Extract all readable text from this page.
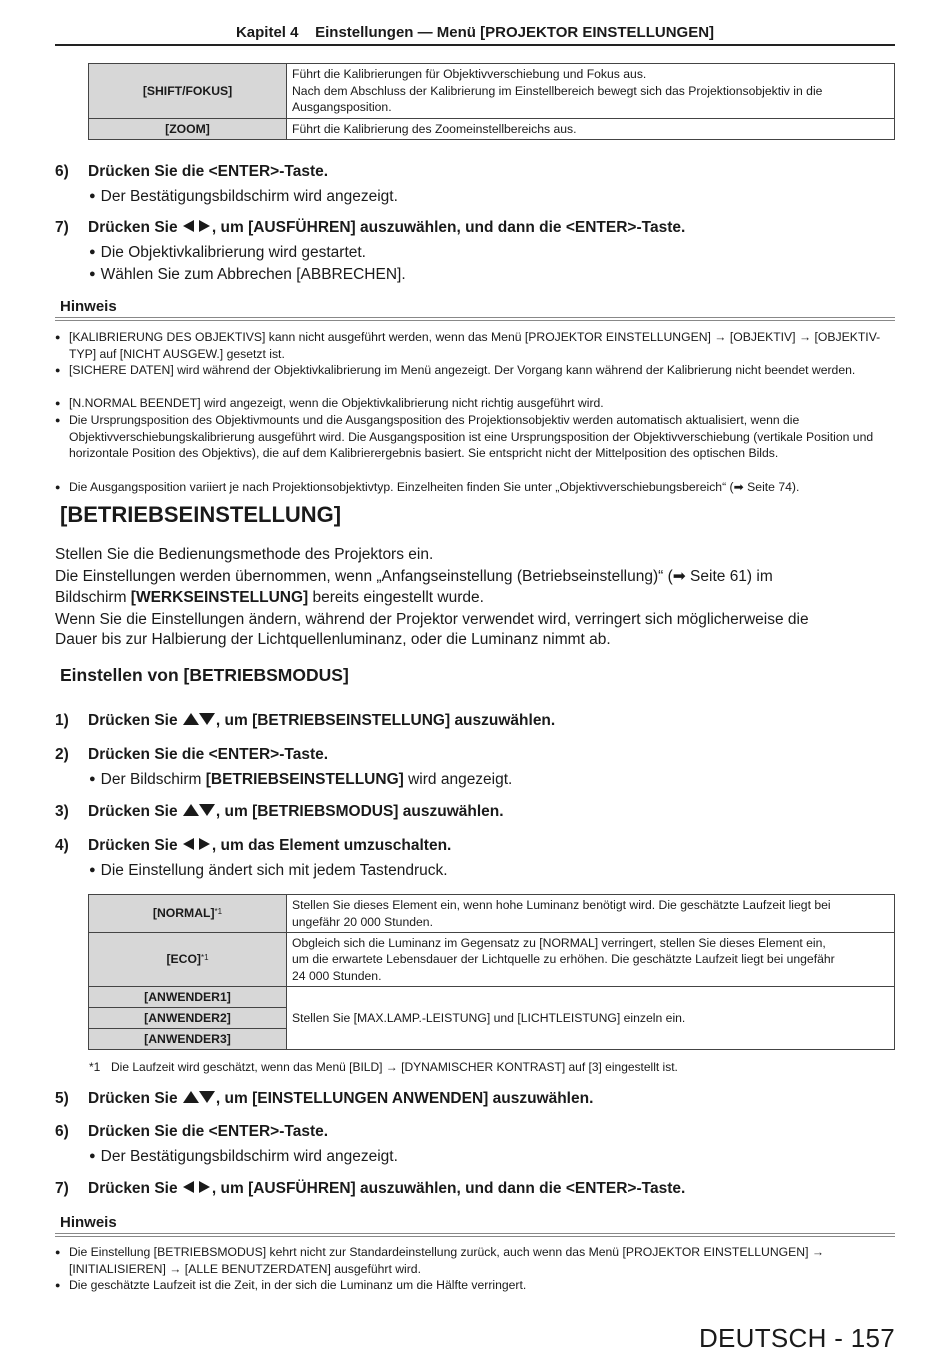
Kapitel 4    Einstellungen — Menü [PROJEKTOR EINSTELLUNGEN]
[SHIFT/FOKUS]	Führt die Kalibrierungen für Objektivverschiebung und Fokus aus.
Nach dem Abschluss der Kalibrierung im Einstellbereich bewegt sich das Projektionsobjektiv in die Ausgangsposition.

[ZOOM]	Führt die Kalibrierung des Zoomeinstellbereichs aus.
6) Drücken Sie die <ENTER>-Taste.
● Der Bestätigungsbildschirm wird angezeigt.
7) Drücken Sie , um [AUSFÜHREN] auszuwählen, und dann die <ENTER>-Taste.
● Die Objektivkalibrierung wird gestartet.
● Wählen Sie zum Abbrechen [ABBRECHEN].
Hinweis
● [KALIBRIERUNG DES OBJEKTIVS] kann nicht ausgeführt werden, wenn das Menü [PROJEKTOR EINSTELLUNGEN] → [OBJEKTIV] → [OBJEKTIV-TYP] auf [NICHT AUSGEW.] gesetzt ist.
● [SICHERE DATEN] wird während der Objektivkalibrierung im Menü angezeigt. Der Vorgang kann während der Kalibrierung nicht beendet werden.
● [N.NORMAL BEENDET] wird angezeigt, wenn die Objektivkalibrierung nicht richtig ausgeführt wird.
● Die Ursprungsposition des Objektivmounts und die Ausgangsposition des Projektionsobjektiv werden automatisch aktualisiert, wenn die Objektivverschiebungskalibrierung ausgeführt wird. Die Ausgangsposition ist eine Ursprungsposition der Objektivverschiebung (vertikale Position und horizontale Position des Objektivs), die auf dem Kalibrierergebnis basiert. Sie entspricht nicht der Mittelposition des optischen Bilds.
● Die Ausgangsposition variiert je nach Projektionsobjektivtyp. Einzelheiten finden Sie unter „Objektivverschiebungsbereich“ (➡ Seite 74).
[BETRIEBSEINSTELLUNG]
Stellen Sie die Bedienungsmethode des Projektors ein.
Die Einstellungen werden übernommen, wenn „Anfangseinstellung (Betriebseinstellung)“ (➡ Seite 61) im
Bildschirm [WERKSEINSTELLUNG] bereits eingestellt wurde.
Wenn Sie die Einstellungen ändern, während der Projektor verwendet wird, verringert sich möglicherweise die
Dauer bis zur Halbierung der Lichtquellenluminanz, oder die Luminanz nimmt ab.
Einstellen von [BETRIEBSMODUS]
1) Drücken Sie , um [BETRIEBSEINSTELLUNG] auszuwählen.
2) Drücken Sie die <ENTER>-Taste.
● Der Bildschirm [BETRIEBSEINSTELLUNG] wird angezeigt.
3) Drücken Sie , um [BETRIEBSMODUS] auszuwählen.
4) Drücken Sie , um das Element umzuschalten.
● Die Einstellung ändert sich mit jedem Tastendruck.
[NORMAL]$^{*1}$	Stellen Sie dieses Element ein, wenn hohe Luminanz benötigt wird. Die geschätzte Laufzeit liegt bei
ungefähr 20 000 Stunden.

[ECO]$^{*1}$	Obgleich sich die Luminanz im Gegensatz zu [NORMAL] verringert, stellen Sie dieses Element ein,
um die erwartete Lebensdauer der Lichtquelle zu erhöhen. Die geschätzte Laufzeit liegt bei ungefähr
24 000 Stunden.

[ANWENDER1]	Stellen Sie [MAX.LAMP.-LEISTUNG] und [LICHTLEISTUNG] einzeln ein.
[ANWENDER2]	
[ANWENDER3]	
*1 Die Laufzeit wird geschätzt, wenn das Menü [BILD] → [DYNAMISCHER KONTRAST] auf [3] eingestellt ist.
5) Drücken Sie , um [EINSTELLUNGEN ANWENDEN] auszuwählen.
6) Drücken Sie die <ENTER>-Taste.
● Der Bestätigungsbildschirm wird angezeigt.
7) Drücken Sie , um [AUSFÜHREN] auszuwählen, und dann die <ENTER>-Taste.
Hinweis
● Die Einstellung [BETRIEBSMODUS] kehrt nicht zur Standardeinstellung zurück, auch wenn das Menü [PROJEKTOR EINSTELLUNGEN] → [INITIALISIEREN] → [ALLE BENUTZERDATEN] ausgeführt wird.
● Die geschätzte Laufzeit ist die Zeit, in der sich die Luminanz um die Hälfte verringert.
DEUTSCH - 157
